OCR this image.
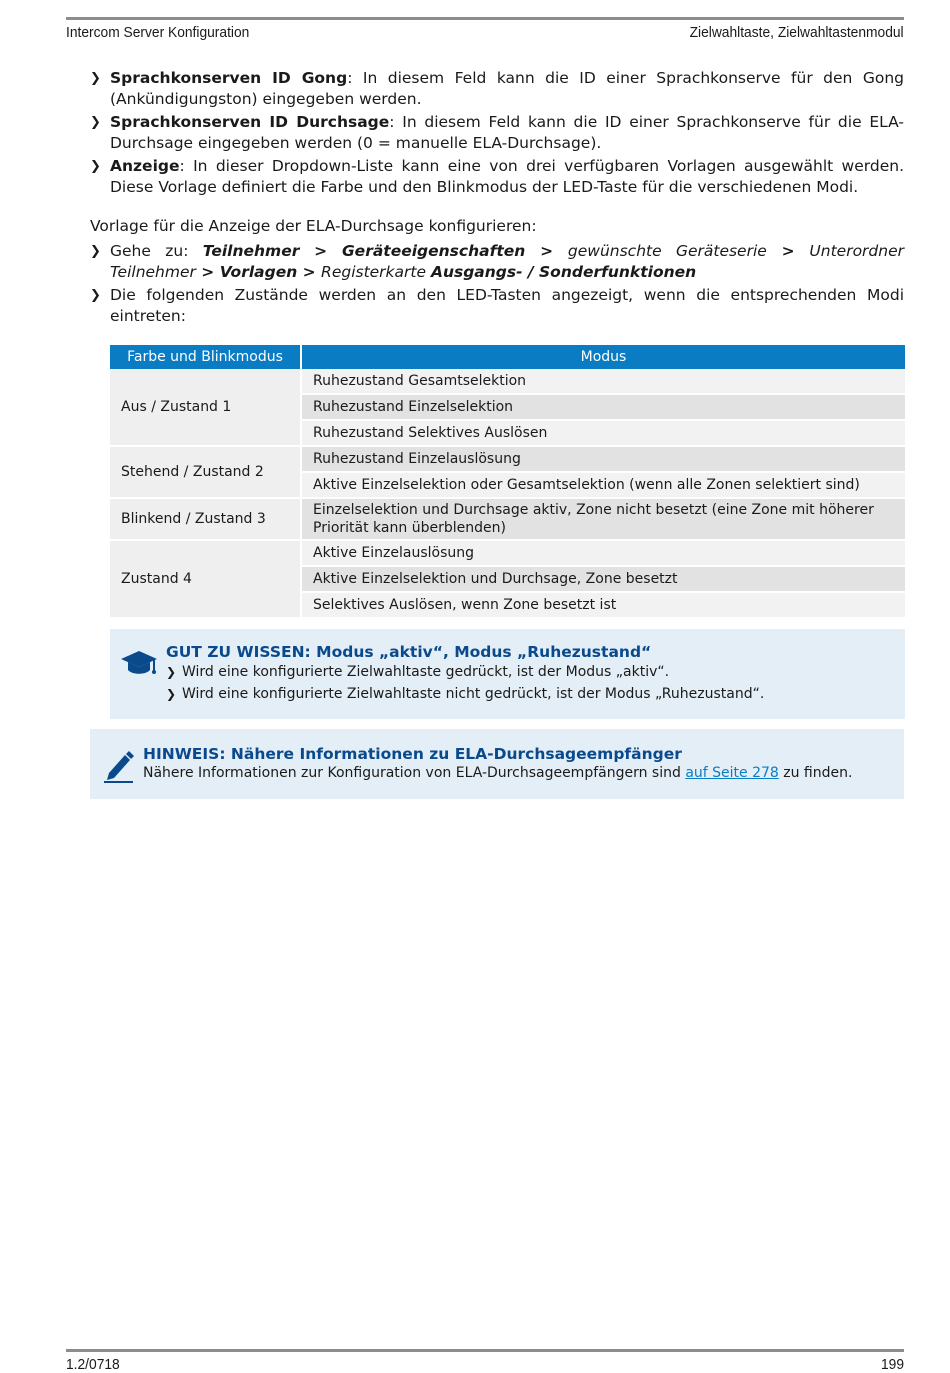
Intercom Server Konfiguration	Zielwahltaste, Zielwahltastenmodul
❯ Sprachkonserven ID Gong: In diesem Feld kann die ID einer Sprachkonserve für den Gong (Ankündigungston) eingegeben werden.
❯ Sprachkonserven ID Durchsage: In diesem Feld kann die ID einer Sprachkonserve für die ELA-Durchsage eingegeben werden (0 = manuelle ELA-Durchsage).
❯ Anzeige: In dieser Dropdown-Liste kann eine von drei verfügbaren Vorlagen ausgewählt werden. Diese Vorlage definiert die Farbe und den Blinkmodus der LED-Taste für die verschiedenen Modi.
Vorlage für die Anzeige der ELA-Durchsage konfigurieren:
❯ Gehe zu: Teilnehmer > Geräteeigenschaften > gewünschte Geräteserie > Unterordner Teilnehmer > Vorlagen > Registerkarte Ausgangs- / Sonderfunktionen
❯ Die folgenden Zustände werden an den LED-Tasten angezeigt, wenn die entsprechenden Modi eintreten:
Farbe und Blinkmodus	Modus
Aus / Zustand 1	Ruhezustand Gesamtselektion
	Ruhezustand Einzelselektion
	Ruhezustand Selektives Auslösen
Stehend / Zustand 2	Ruhezustand Einzelauslösung
	Aktive Einzelselektion oder Gesamtselektion (wenn alle Zonen selektiert sind)
Blinkend / Zustand 3	Einzelselektion und Durchsage aktiv, Zone nicht besetzt (eine Zone mit höherer Priorität kann überblenden)
Zustand 4	Aktive Einzelauslösung
	Aktive Einzelselektion und Durchsage, Zone besetzt
	Selektives Auslösen, wenn Zone besetzt ist
GUT ZU WISSEN: Modus „aktiv“, Modus „Ruhezustand“
❯ Wird eine konfigurierte Zielwahltaste gedrückt, ist der Modus „aktiv“.
❯ Wird eine konfigurierte Zielwahltaste nicht gedrückt, ist der Modus „Ruhezustand“.
HINWEIS: Nähere Informationen zu ELA-Durchsageempfänger
Nähere Informationen zur Konfiguration von ELA-Durchsageempfängern sind auf Seite 278 zu finden.
1.2/0718	199
